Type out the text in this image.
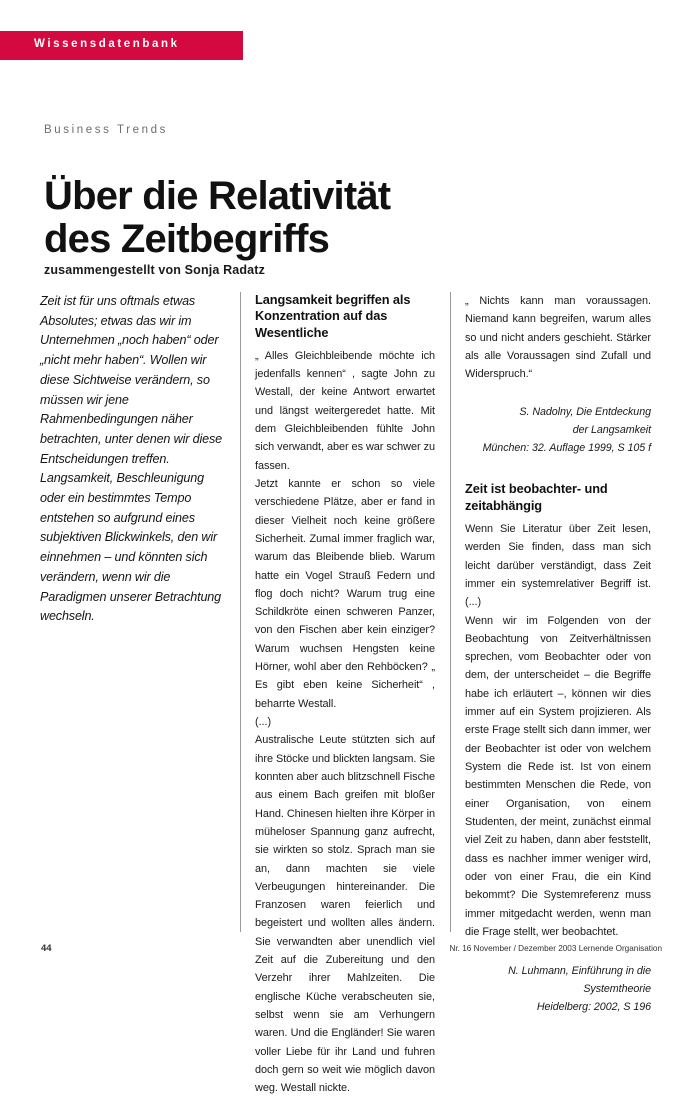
Wissensdatenbank
Business Trends
Über die Relativität
des Zeitbegriffs
zusammengestellt von Sonja Radatz

Zeit ist für uns oftmals etwas Absolutes; etwas das wir im Unternehmen „noch haben“ oder „nicht mehr haben“. Wollen wir diese Sichtweise verändern, so müssen wir jene Rahmenbedingungen näher betrachten, unter denen wir diese Entscheidungen treffen. Langsamkeit, Beschleunigung oder ein bestimmtes Tempo entstehen so aufgrund eines subjektiven Blickwinkels, den wir einnehmen – und könnten sich verändern, wenn wir die Paradigmen unserer Betrachtung wechseln.

Langsamkeit begriffen als Konzentration auf das Wesentliche

„ Alles Gleichbleibende möchte ich jedenfalls kennen“ , sagte John zu Westall, der keine Antwort erwartet und längst weitergeredet hatte. Mit dem Gleichbleibenden fühlte John sich verwandt, aber es war schwer zu fassen.

Jetzt kannte er schon so viele verschiedene Plätze, aber er fand in dieser Vielheit noch keine größere Sicherheit. Zumal immer fraglich war, warum das Bleibende blieb. Warum hatte ein Vogel Strauß Federn und flog doch nicht? Warum trug eine Schildkröte einen schweren Panzer, von den Fischen aber kein einziger? Warum wuchsen Hengsten keine Hörner, wohl aber den Rehböcken? „ Es gibt eben keine Sicherheit“ , beharrte Westall.

(...)

Australische Leute stützten sich auf ihre Stöcke und blickten langsam. Sie konnten aber auch blitzschnell Fische aus einem Bach greifen mit bloßer Hand. Chinesen hielten ihre Körper in müheloser Spannung ganz aufrecht, sie wirkten so stolz. Sprach man sie an, dann machten sie viele Verbeugungen hintereinander. Die Franzosen waren feierlich und begeistert und wollten alles ändern. Sie verwandten aber unendlich viel Zeit auf die Zubereitung und den Verzehr ihrer Mahlzeiten. Die englische Küche verabscheuten sie, selbst wenn sie am Verhungern waren. Und die Engländer! Sie waren voller Liebe für ihr Land und fuhren doch gern so weit wie möglich davon weg. Westall nickte.

„ Nichts kann man voraussagen. Niemand kann begreifen, warum alles so und nicht anders geschieht. Stärker als alle Voraussagen sind Zufall und Widerspruch.“

S. Nadolny, Die Entdeckung
der Langsamkeit
München: 32. Auflage 1999, S 105 f

Zeit ist beobachter- und zeitabhängig

Wenn Sie Literatur über Zeit lesen, werden Sie finden, dass man sich leicht darüber verständigt, dass Zeit immer ein systemrelativer Begriff ist. (...)

Wenn wir im Folgenden von der Beobachtung von Zeitverhältnissen sprechen, vom Beobachter oder von dem, der unterscheidet – die Begriffe habe ich erläutert –, können wir dies immer auf ein System projizieren. Als erste Frage stellt sich dann immer, wer der Beobachter ist oder von welchem System die Rede ist. Ist von einem bestimmten Menschen die Rede, von einer Organisation, von einem Studenten, der meint, zunächst einmal viel Zeit zu haben, dann aber feststellt, dass es nachher immer weniger wird, oder von einer Frau, die ein Kind bekommt? Die Systemreferenz muss immer mitgedacht werden, wenn man die Frage stellt, wer beobachtet.

N. Luhmann, Einführung in die
Systemtheorie
Heidelberg: 2002, S 196

44	Nr. 16 November / Dezember 2003 Lernende Organisation
